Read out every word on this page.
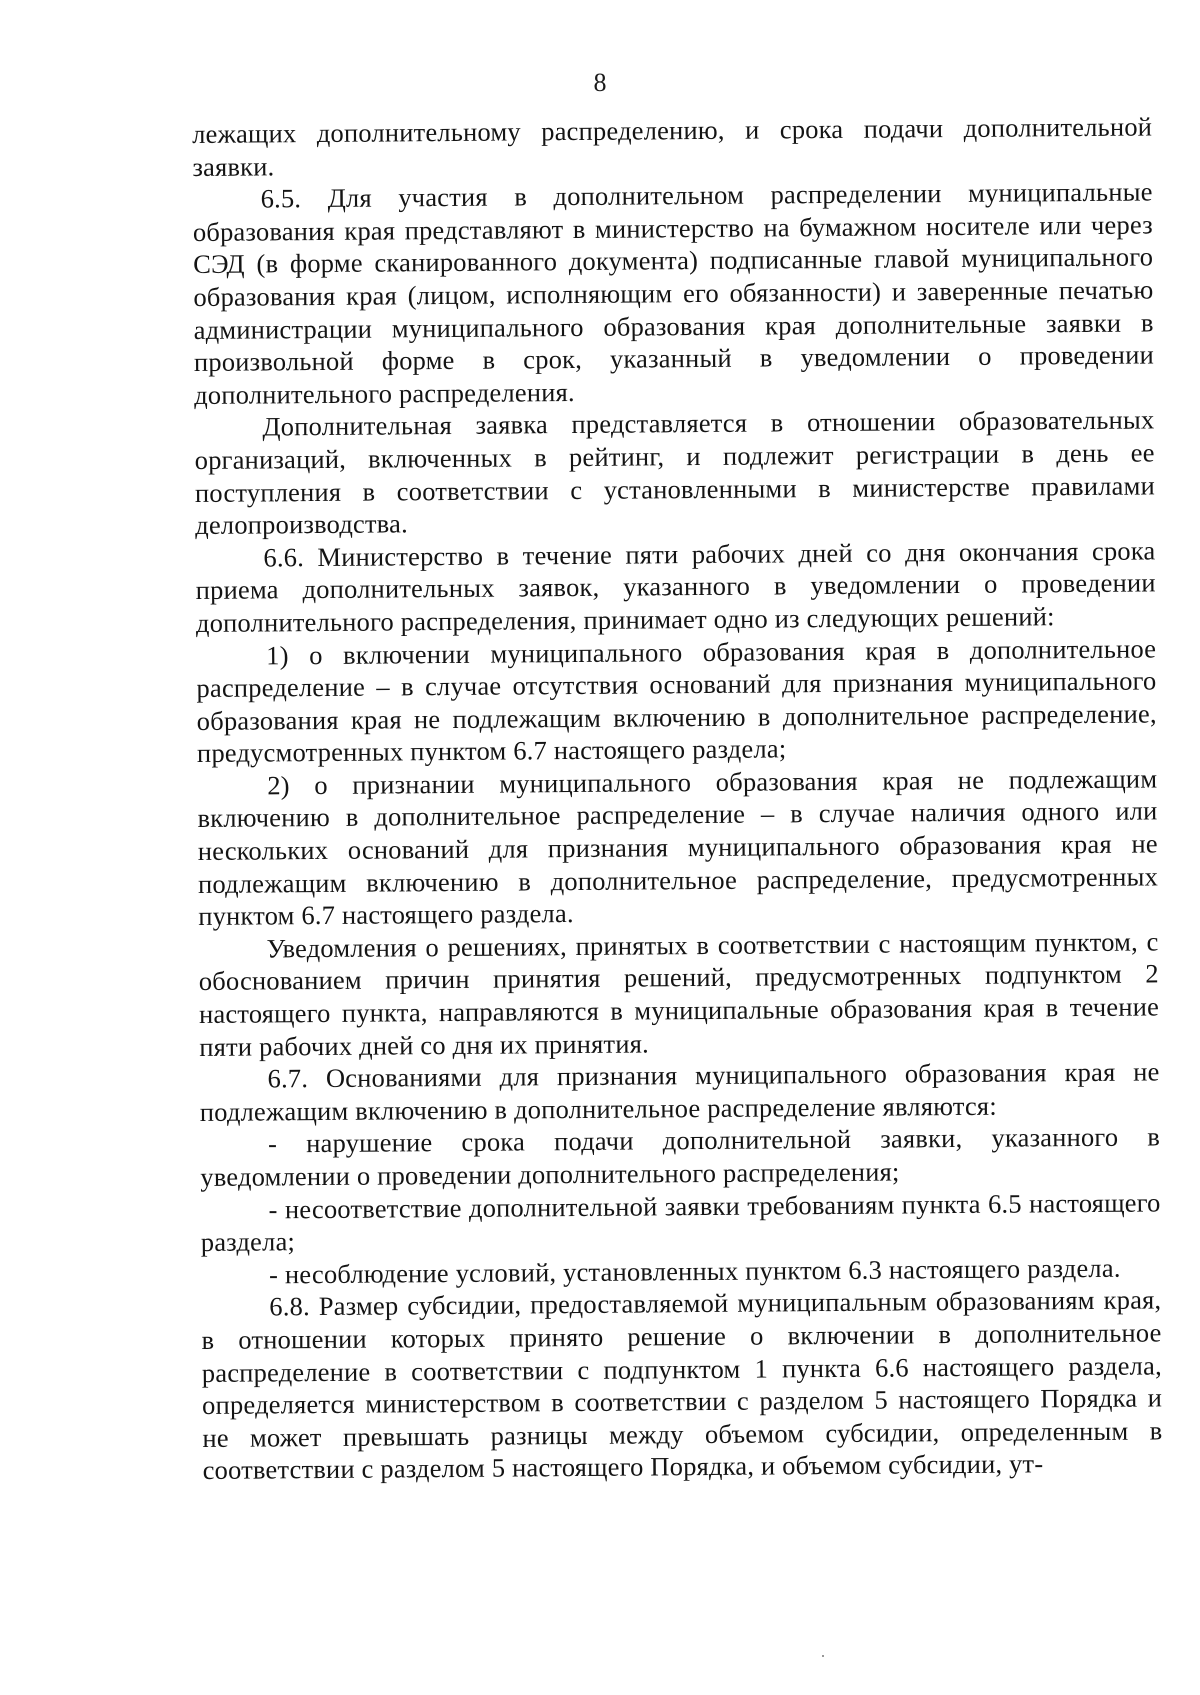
8

лежащих дополнительному распределению, и срока подачи дополнительной заявки.

6.5. Для участия в дополнительном распределении муниципальные образования края представляют в министерство на бумажном носителе или через СЭД (в форме сканированного документа) подписанные главой муниципального образования края (лицом, исполняющим его обязанности) и заверенные печатью администрации муниципального образования края дополнительные заявки в произвольной форме в срок, указанный в уведомлении о проведении дополнительного распределения.

Дополнительная заявка представляется в отношении образовательных организаций, включенных в рейтинг, и подлежит регистрации в день ее поступления в соответствии с установленными в министерстве правилами делопроизводства.

6.6. Министерство в течение пяти рабочих дней со дня окончания срока приема дополнительных заявок, указанного в уведомлении о проведении дополнительного распределения, принимает одно из следующих решений:

1) о включении муниципального образования края в дополнительное распределение – в случае отсутствия оснований для признания муниципального образования края не подлежащим включению в дополнительное распределение, предусмотренных пунктом 6.7 настоящего раздела;

2) о признании муниципального образования края не подлежащим включению в дополнительное распределение – в случае наличия одного или нескольких оснований для признания муниципального образования края не подлежащим включению в дополнительное распределение, предусмотренных пунктом 6.7 настоящего раздела.

Уведомления о решениях, принятых в соответствии с настоящим пунктом, с обоснованием причин принятия решений, предусмотренных подпунктом 2 настоящего пункта, направляются в муниципальные образования края в течение пяти рабочих дней со дня их принятия.

6.7. Основаниями для признания муниципального образования края не подлежащим включению в дополнительное распределение являются:

- нарушение срока подачи дополнительной заявки, указанного в уведомлении о проведении дополнительного распределения;

- несоответствие дополнительной заявки требованиям пункта 6.5 настоящего раздела;

- несоблюдение условий, установленных пунктом 6.3 настоящего раздела.

6.8. Размер субсидии, предоставляемой муниципальным образованиям края, в отношении которых принято решение о включении в дополнительное распределение в соответствии с подпунктом 1 пункта 6.6 настоящего раздела, определяется министерством в соответствии с разделом 5 настоящего Порядка и не может превышать разницы между объемом субсидии, определенным в соответствии с разделом 5 настоящего Порядка, и объемом субсидии, ут-
